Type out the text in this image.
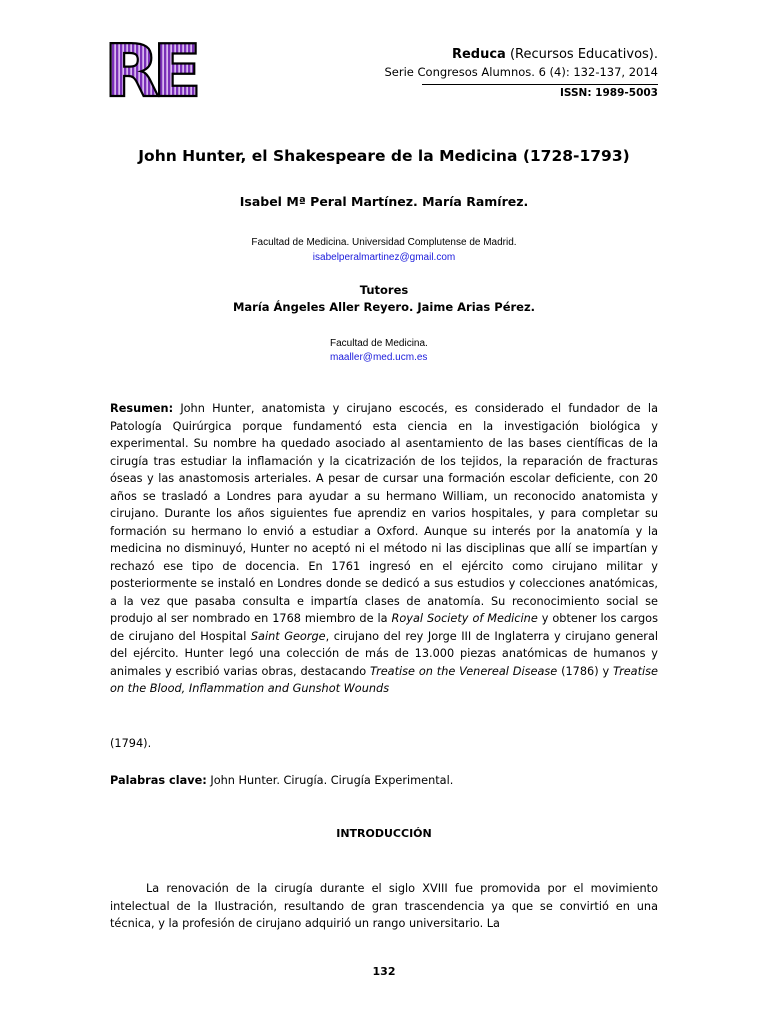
RE	Reduca (Recursos Educativos).
Serie Congresos Alumnos. 6 (4): 132-137, 2014
ISSN: 1989-5003
John Hunter, el Shakespeare de la Medicina (1728-1793)
Isabel Mª Peral Martínez. María Ramírez.
Facultad de Medicina. Universidad Complutense de Madrid.
isabelperalmartinez@gmail.com
Tutores
María Ángeles Aller Reyero. Jaime Arias Pérez.
Facultad de Medicina.
maaller@med.ucm.es
Resumen: John Hunter, anatomista y cirujano escocés, es considerado el fundador de la Patología Quirúrgica porque fundamentó esta ciencia en la investigación biológica y experimental. Su nombre ha quedado asociado al asentamiento de las bases científicas de la cirugía tras estudiar la inflamación y la cicatrización de los tejidos, la reparación de fracturas óseas y las anastomosis arteriales. A pesar de cursar una formación escolar deficiente, con 20 años se trasladó a Londres para ayudar a su hermano William, un reconocido anatomista y cirujano. Durante los años siguientes fue aprendiz en varios hospitales, y para completar su formación su hermano lo envió a estudiar a Oxford. Aunque su interés por la anatomía y la medicina no disminuyó, Hunter no aceptó ni el método ni las disciplinas que allí se impartían y rechazó ese tipo de docencia. En 1761 ingresó en el ejército como cirujano militar y posteriormente se instaló en Londres donde se dedicó a sus estudios y colecciones anatómicas, a la vez que pasaba consulta e impartía clases de anatomía. Su reconocimiento social se produjo al ser nombrado en 1768 miembro de la Royal Society of Medicine y obtener los cargos de cirujano del Hospital Saint George, cirujano del rey Jorge III de Inglaterra y cirujano general del ejército. Hunter legó una colección de más de 13.000 piezas anatómicas de humanos y animales y escribió varias obras, destacando Treatise on the Venereal Disease (1786) y Treatise on the Blood, Inflammation and Gunshot Wounds
(1794).
Palabras clave: John Hunter. Cirugía. Cirugía Experimental.
INTRODUCCIÓN
La renovación de la cirugía durante el siglo XVIII fue promovida por el movimiento intelectual de la Ilustración, resultando de gran trascendencia ya que se convirtió en una técnica, y la profesión de cirujano adquirió un rango universitario. La
132
